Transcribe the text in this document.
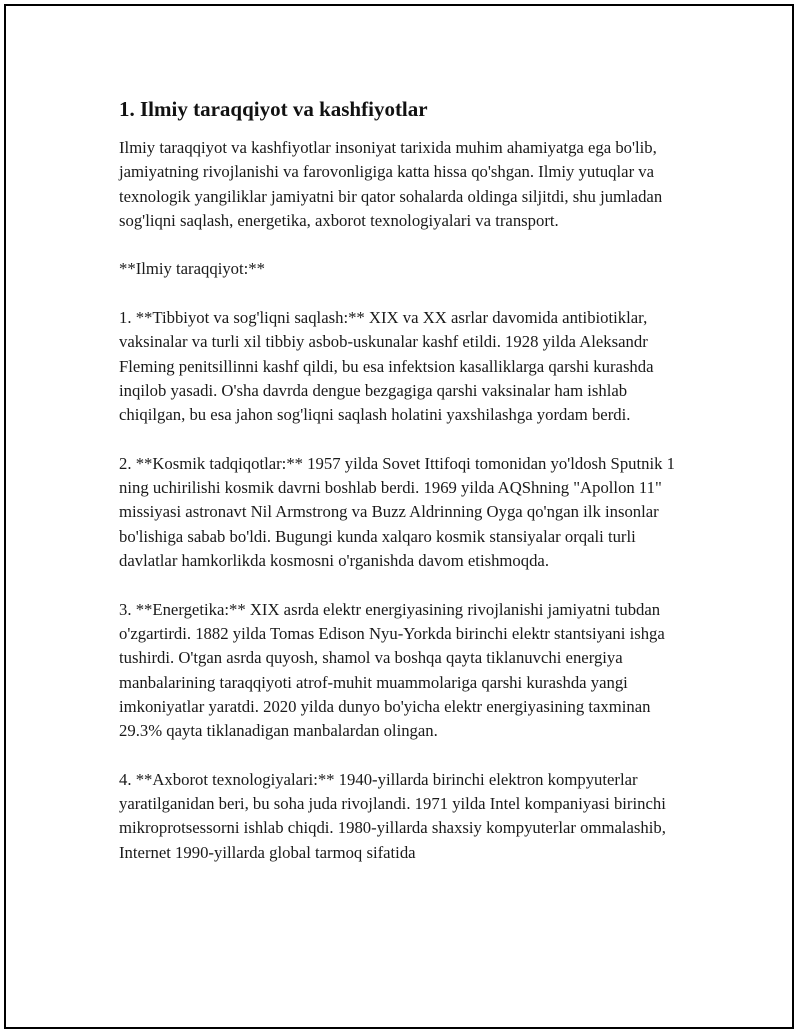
1. Ilmiy taraqqiyot va kashfiyotlar

Ilmiy taraqqiyot va kashfiyotlar insoniyat tarixida muhim ahamiyatga ega bo'lib, jamiyatning rivojlanishi va farovonligiga katta hissa qo'shgan. Ilmiy yutuqlar va texnologik yangiliklar jamiyatni bir qator sohalarda oldinga siljitdi, shu jumladan sog'liqni saqlash, energetika, axborot texnologiyalari va transport.

**Ilmiy taraqqiyot:**

1. **Tibbiyot va sog'liqni saqlash:** XIX va XX asrlar davomida antibiotiklar, vaksinalar va turli xil tibbiy asbob-uskunalar kashf etildi. 1928 yilda Aleksandr Fleming penitsillinni kashf qildi, bu esa infektsion kasalliklarga qarshi kurashda inqilob yasadi. O'sha davrda dengue bezgagiga qarshi vaksinalar ham ishlab chiqilgan, bu esa jahon sog'liqni saqlash holatini yaxshilashga yordam berdi.

2. **Kosmik tadqiqotlar:** 1957 yilda Sovet Ittifoqi tomonidan yo'ldosh Sputnik 1 ning uchirilishi kosmik davrni boshlab berdi. 1969 yilda AQShning "Apollon 11" missiyasi astronavt Nil Armstrong va Buzz Aldrinning Oyga qo'ngan ilk insonlar bo'lishiga sabab bo'ldi. Bugungi kunda xalqaro kosmik stansiyalar orqali turli davlatlar hamkorlikda kosmosni o'rganishda davom etishmoqda.

3. **Energetika:** XIX asrda elektr energiyasining rivojlanishi jamiyatni tubdan o'zgartirdi. 1882 yilda Tomas Edison Nyu-Yorkda birinchi elektr stantsiyani ishga tushirdi. O'tgan asrda quyosh, shamol va boshqa qayta tiklanuvchi energiya manbalarining taraqqiyoti atrof-muhit muammolariga qarshi kurashda yangi imkoniyatlar yaratdi. 2020 yilda dunyo bo'yicha elektr energiyasining taxminan 29.3% qayta tiklanadigan manbalardan olingan.

4. **Axborot texnologiyalari:** 1940-yillarda birinchi elektron kompyuterlar yaratilganidan beri, bu soha juda rivojlandi. 1971 yilda Intel kompaniyasi birinchi mikroprotsessorni ishlab chiqdi. 1980-yillarda shaxsiy kompyuterlar ommalashib, Internet 1990-yillarda global tarmoq sifatida
